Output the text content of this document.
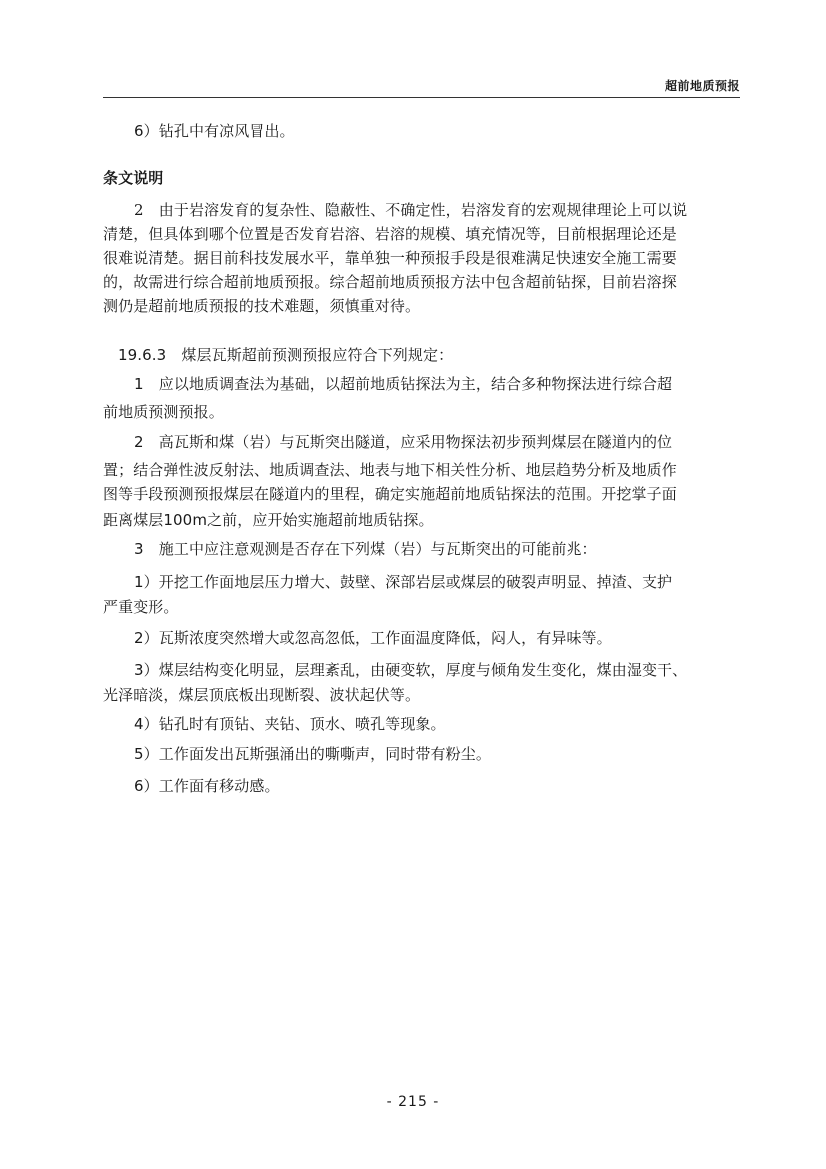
超前地质预报
6）钻孔中有凉风冒出。
条文说明
2　由于岩溶发育的复杂性、隐蔽性、不确定性，岩溶发育的宏观规律理论上可以说
清楚，但具体到哪个位置是否发育岩溶、岩溶的规模、填充情况等，目前根据理论还是
很难说清楚。据目前科技发展水平，靠单独一种预报手段是很难满足快速安全施工需要
的，故需进行综合超前地质预报。综合超前地质预报方法中包含超前钻探，目前岩溶探
测仍是超前地质预报的技术难题，须慎重对待。
19.6.3　煤层瓦斯超前预测预报应符合下列规定：
1　应以地质调查法为基础，以超前地质钻探法为主，结合多种物探法进行综合超
前地质预测预报。
2　高瓦斯和煤（岩）与瓦斯突出隧道，应采用物探法初步预判煤层在隧道内的位
置；结合弹性波反射法、地质调查法、地表与地下相关性分析、地层趋势分析及地质作
图等手段预测预报煤层在隧道内的里程，确定实施超前地质钻探法的范围。开挖掌子面
距离煤层100m之前，应开始实施超前地质钻探。
3　施工中应注意观测是否存在下列煤（岩）与瓦斯突出的可能前兆：
1）开挖工作面地层压力增大、鼓壁、深部岩层或煤层的破裂声明显、掉渣、支护
严重变形。
2）瓦斯浓度突然增大或忽高忽低，工作面温度降低，闷人，有异味等。
3）煤层结构变化明显，层理紊乱，由硬变软，厚度与倾角发生变化，煤由湿变干、
光泽暗淡，煤层顶底板出现断裂、波状起伏等。
4）钻孔时有顶钻、夹钻、顶水、喷孔等现象。
5）工作面发出瓦斯强涌出的嘶嘶声，同时带有粉尘。
6）工作面有移动感。
- 215 -
